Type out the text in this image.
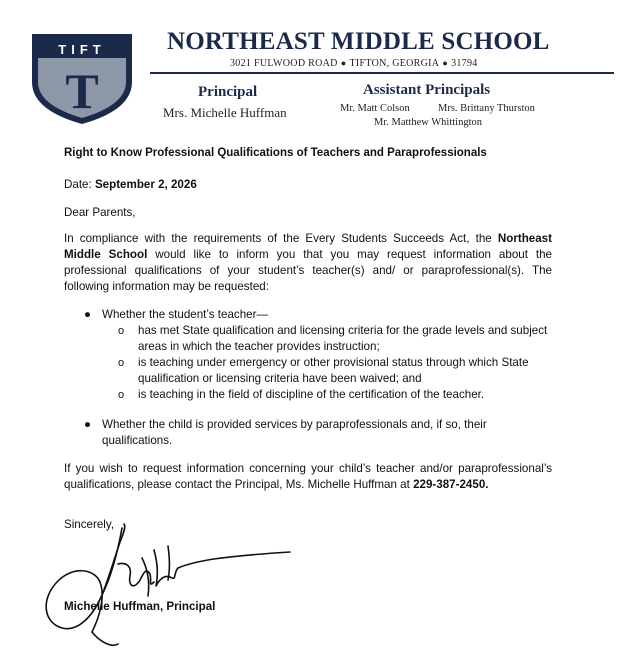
TIFT
T
NORTHEAST MIDDLE SCHOOL
3021 FULWOOD ROAD ● TIFTON, GEORGIA ● 31794
Principal
Mrs. Michelle Huffman
Assistant Principals
Mr. Matt Colson	Mrs. Brittany Thurston
Mr. Matthew Whittington
Right to Know Professional Qualifications of Teachers and Paraprofessionals
Date: September 2, 2026
Dear Parents,
In compliance with the requirements of the Every Students Succeeds Act, the Northeast Middle School would like to inform you that you may request information about the professional qualifications of your student’s teacher(s) and/ or paraprofessional(s). The following information may be requested:
● Whether the student’s teacher—
o has met State qualification and licensing criteria for the grade levels and subject areas in which the teacher provides instruction;
o is teaching under emergency or other provisional status through which State qualification or licensing criteria have been waived; and
o is teaching in the field of discipline of the certification of the teacher.
● Whether the child is provided services by paraprofessionals and, if so, their qualifications.
If you wish to request information concerning your child’s teacher and/or paraprofessional’s qualifications, please contact the Principal, Ms. Michelle Huffman at 229-387-2450.
Sincerely,
Michelle Huffman, Principal
